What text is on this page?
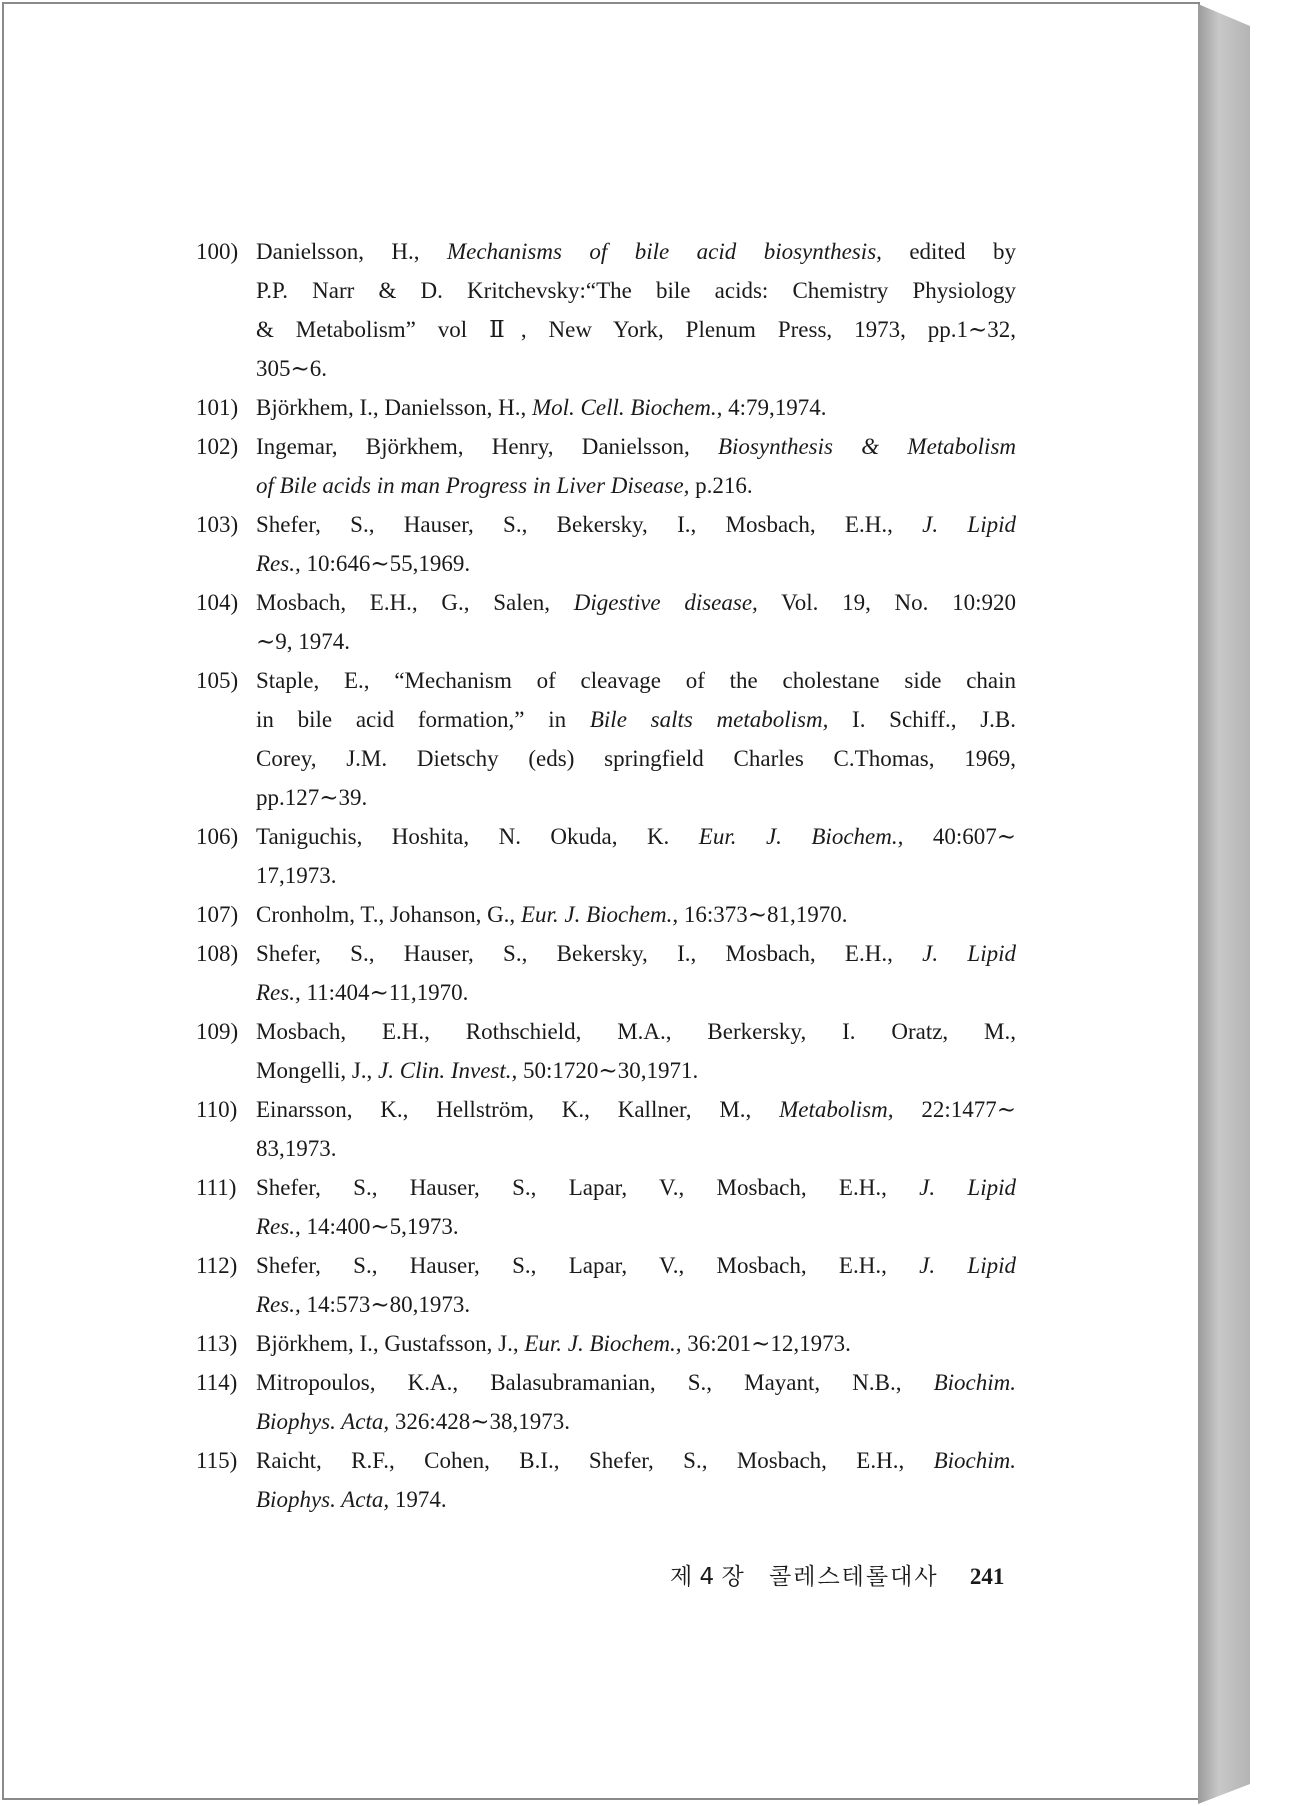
100) Danielsson, H., Mechanisms of bile acid biosynthesis, edited by
P.P. Narr & D. Kritchevsky:“The bile acids: Chemistry Physiology
& Metabolism” vol Ⅱ, New York, Plenum Press, 1973, pp.1∼32,
305∼6.
101) Björkhem, I., Danielsson, H., Mol. Cell. Biochem., 4:79,1974.
102) Ingemar, Björkhem, Henry, Danielsson, Biosynthesis & Metabolism
of Bile acids in man Progress in Liver Disease, p.216.
103) Shefer, S., Hauser, S., Bekersky, I., Mosbach, E.H., J. Lipid
Res., 10:646∼55,1969.
104) Mosbach, E.H., G., Salen, Digestive disease, Vol. 19, No. 10:920
∼9, 1974.
105) Staple, E., “Mechanism of cleavage of the cholestane side chain
in bile acid formation,” in Bile salts metabolism, I. Schiff., J.B.
Corey, J.M. Dietschy (eds) springfield Charles C.Thomas, 1969,
pp.127∼39.
106) Taniguchis, Hoshita, N. Okuda, K. Eur. J. Biochem., 40:607∼
17,1973.
107) Cronholm, T., Johanson, G., Eur. J. Biochem., 16:373∼81,1970.
108) Shefer, S., Hauser, S., Bekersky, I., Mosbach, E.H., J. Lipid
Res., 11:404∼11,1970.
109) Mosbach, E.H., Rothschield, M.A., Berkersky, I. Oratz, M.,
Mongelli, J., J. Clin. Invest., 50:1720∼30,1971.
110) Einarsson, K., Hellström, K., Kallner, M., Metabolism, 22:1477∼
83,1973.
111) Shefer, S., Hauser, S., Lapar, V., Mosbach, E.H., J. Lipid
Res., 14:400∼5,1973.
112) Shefer, S., Hauser, S., Lapar, V., Mosbach, E.H., J. Lipid
Res., 14:573∼80,1973.
113) Björkhem, I., Gustafsson, J., Eur. J. Biochem., 36:201∼12,1973.
114) Mitropoulos, K.A., Balasubramanian, S., Mayant, N.B., Biochim.
Biophys. Acta, 326:428∼38,1973.
115) Raicht, R.F., Cohen, B.I., Shefer, S., Mosbach, E.H., Biochim.
Biophys. Acta, 1974.
제 4 장 콜레스테롤대사 241
